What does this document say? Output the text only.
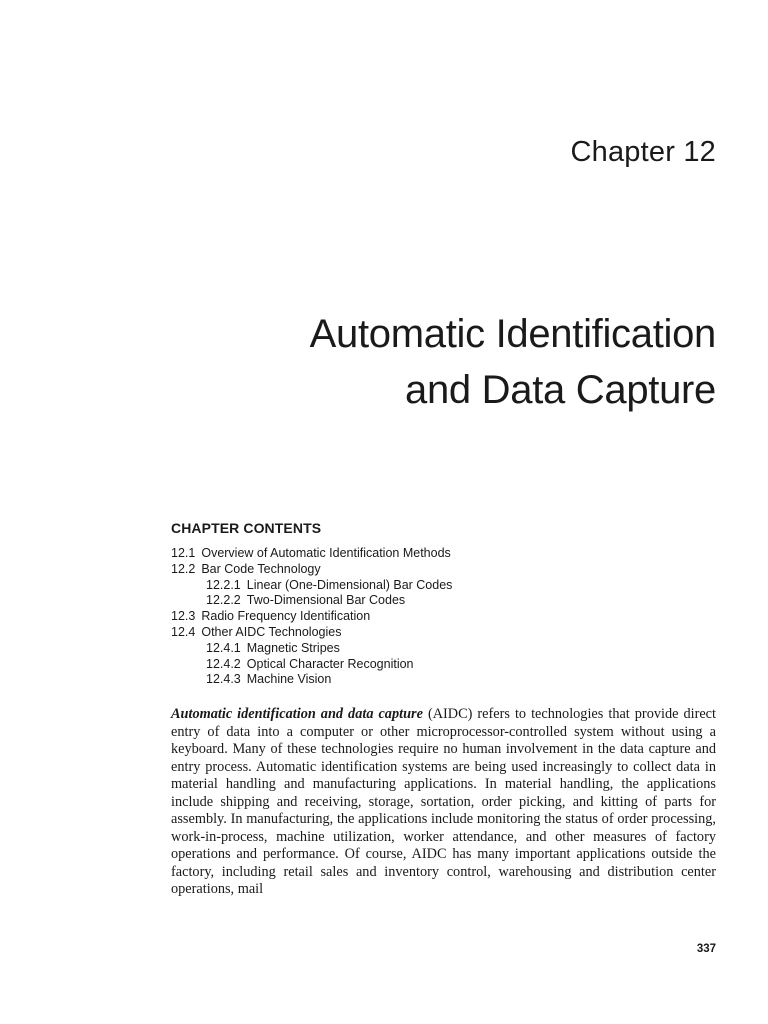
Chapter 12
Automatic Identification
and Data Capture
CHAPTER CONTENTS
12.1 Overview of Automatic Identification Methods
12.2 Bar Code Technology
12.2.1 Linear (One-Dimensional) Bar Codes
12.2.2 Two-Dimensional Bar Codes
12.3 Radio Frequency Identification
12.4 Other AIDC Technologies
12.4.1 Magnetic Stripes
12.4.2 Optical Character Recognition
12.4.3 Machine Vision

Automatic identification and data capture (AIDC) refers to technologies that provide direct entry of data into a computer or other microprocessor-controlled system without using a keyboard. Many of these technologies require no human involvement in the data capture and entry process. Automatic identification systems are being used increasingly to collect data in material handling and manufacturing applications. In material handling, the applications include shipping and receiving, storage, sortation, order picking, and kitting of parts for assembly. In manufacturing, the applications include monitoring the status of order processing, work-in-process, machine utilization, worker attendance, and other measures of factory operations and performance. Of course, AIDC has many important applications outside the factory, including retail sales and inventory control, warehousing and distribution center operations, mail

337
